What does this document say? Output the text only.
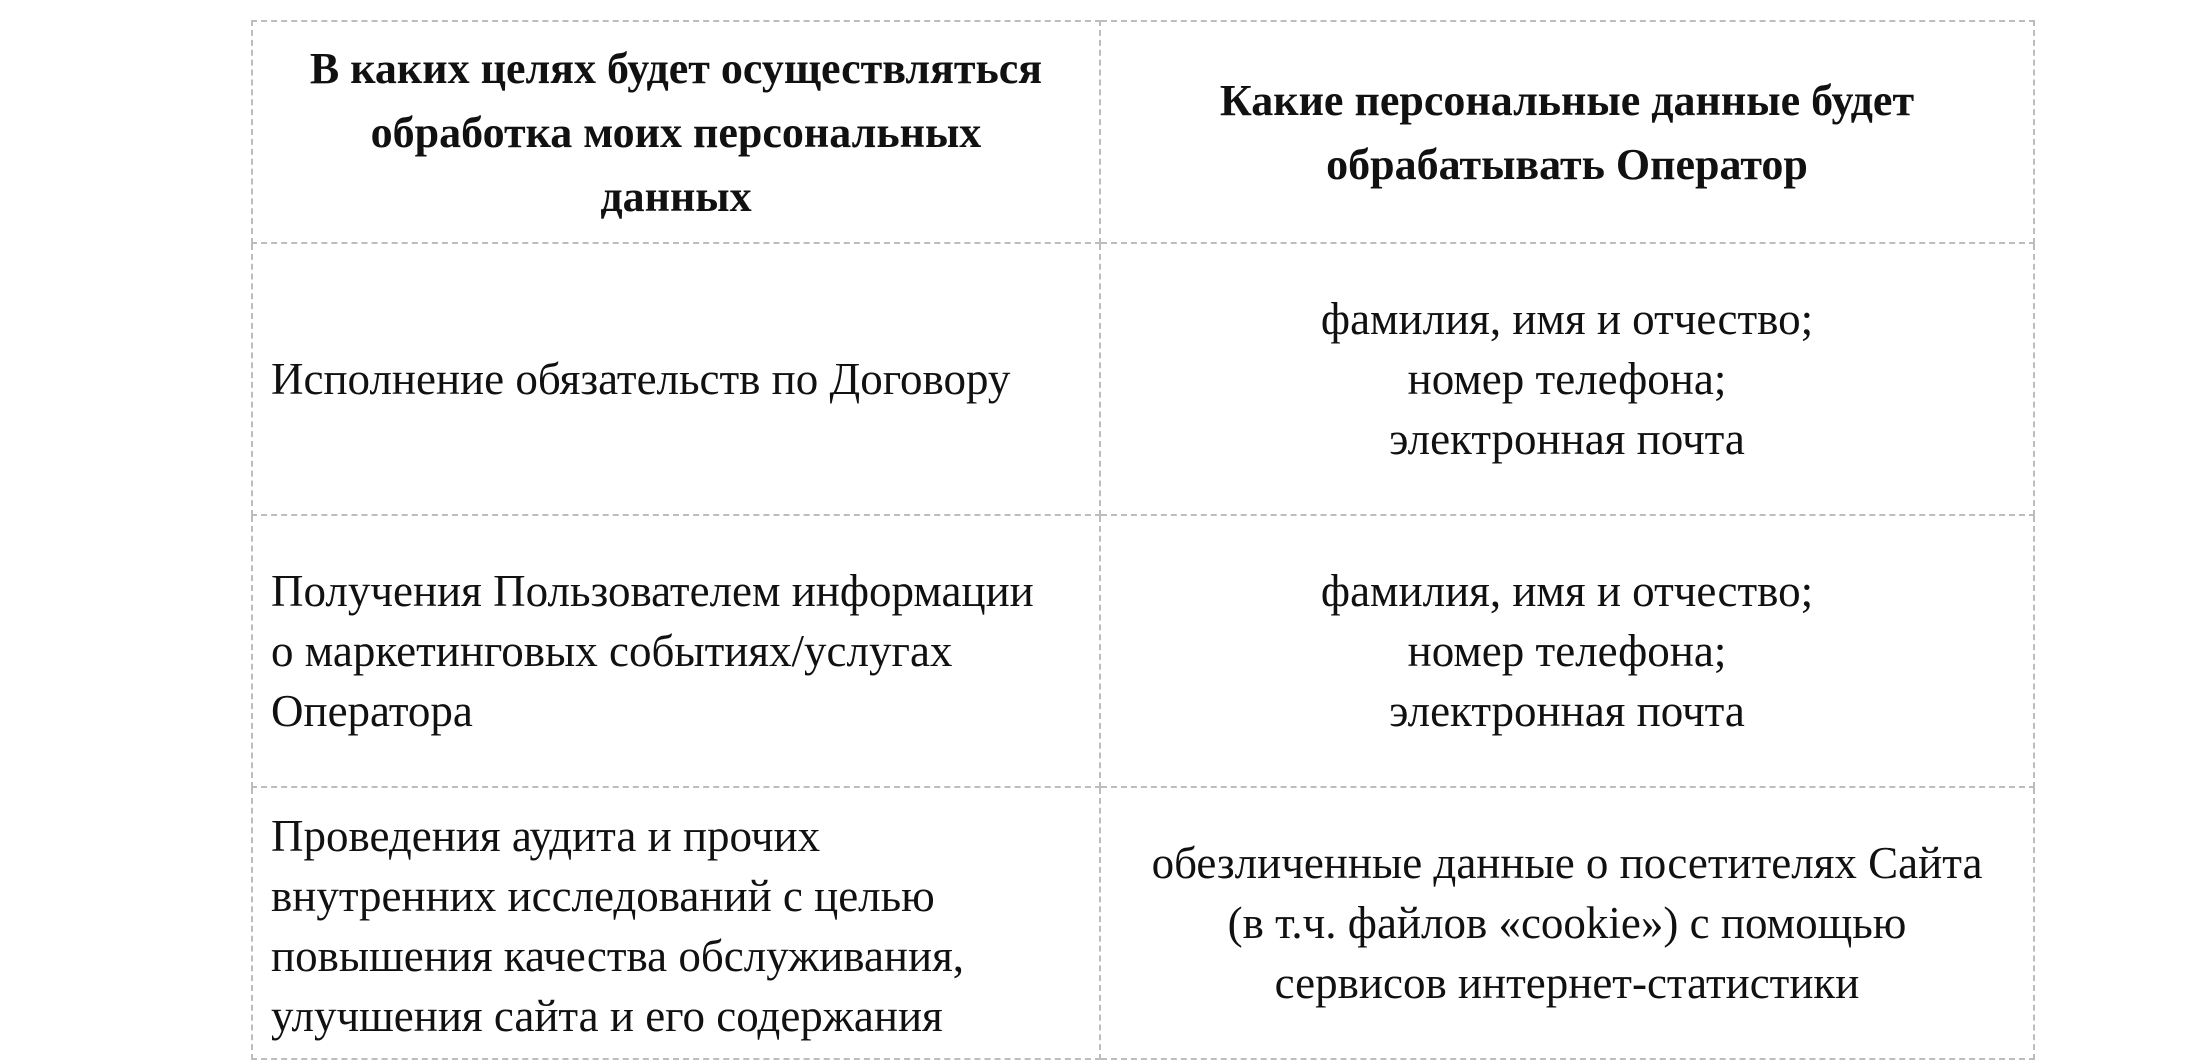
В каких целях будет осуществляться
обработка моих персональных
данных	Какие персональные данные будет
обрабатывать Оператор

Исполнение обязательств по Договору	фамилия, имя и отчество;
номер телефона;
электронная почта

Получения Пользователем информации
о маркетинговых событиях/услугах
Оператора	фамилия, имя и отчество;
номер телефона;
электронная почта

Проведения аудита и прочих
внутренних исследований с целью
повышения качества обслуживания,
улучшения сайта и его содержания	обезличенные данные о посетителях Сайта
(в т.ч. файлов «cookie») с помощью
сервисов интернет-статистики
